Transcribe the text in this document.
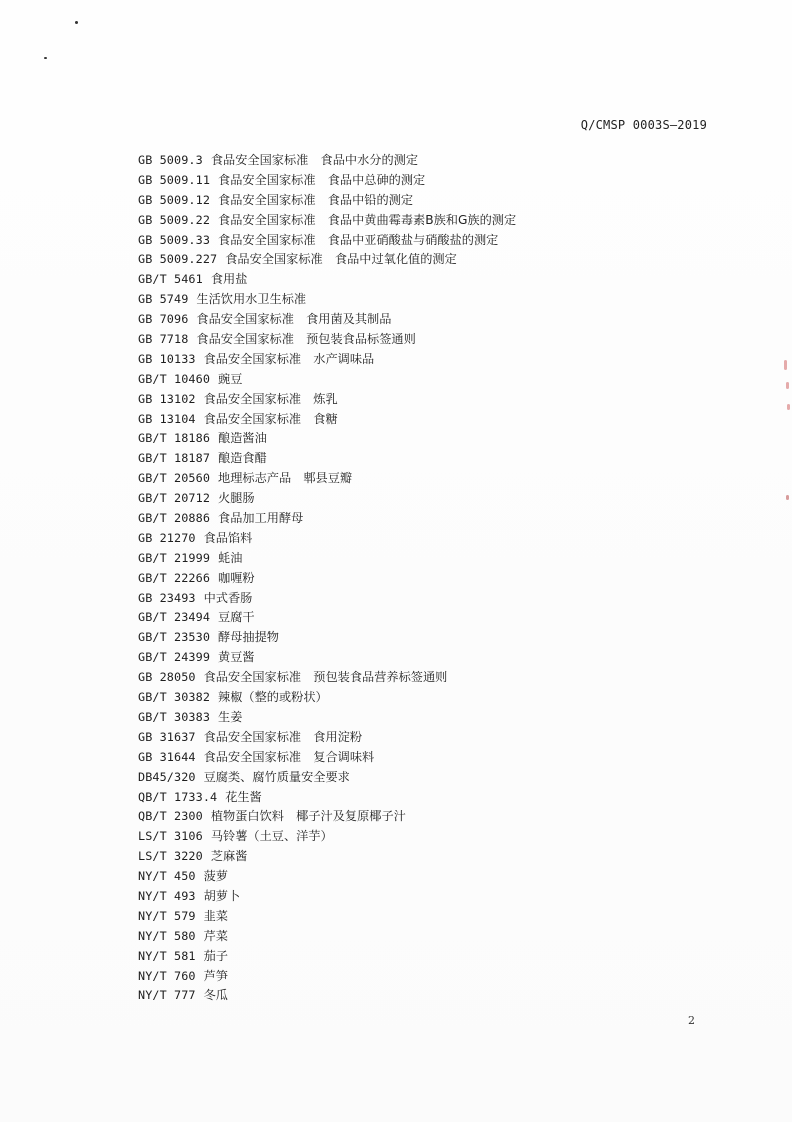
Q/CMSP 0003S—2019
GB 5009.3 食品安全国家标准　食品中水分的测定
GB 5009.11 食品安全国家标准　食品中总砷的测定
GB 5009.12 食品安全国家标准　食品中铅的测定
GB 5009.22 食品安全国家标准　食品中黄曲霉毒素B族和G族的测定
GB 5009.33 食品安全国家标准　食品中亚硝酸盐与硝酸盐的测定
GB 5009.227 食品安全国家标准　食品中过氧化值的测定
GB/T 5461 食用盐
GB 5749 生活饮用水卫生标准
GB 7096 食品安全国家标准　食用菌及其制品
GB 7718 食品安全国家标准　预包装食品标签通则
GB 10133 食品安全国家标准　水产调味品
GB/T 10460 豌豆
GB 13102 食品安全国家标准　炼乳
GB 13104 食品安全国家标准　食糖
GB/T 18186 酿造酱油
GB/T 18187 酿造食醋
GB/T 20560 地理标志产品　郫县豆瓣
GB/T 20712 火腿肠
GB/T 20886 食品加工用酵母
GB 21270 食品馅料
GB/T 21999 蚝油
GB/T 22266 咖喱粉
GB 23493 中式香肠
GB/T 23494 豆腐干
GB/T 23530 酵母抽提物
GB/T 24399 黄豆酱
GB 28050 食品安全国家标准　预包装食品营养标签通则
GB/T 30382 辣椒（整的或粉状）
GB/T 30383 生姜
GB 31637 食品安全国家标准　食用淀粉
GB 31644 食品安全国家标准　复合调味料
DB45/320 豆腐类、腐竹质量安全要求
QB/T 1733.4 花生酱
QB/T 2300 植物蛋白饮料　椰子汁及复原椰子汁
LS/T 3106 马铃薯（土豆、洋芋）
LS/T 3220 芝麻酱
NY/T 450 菠萝
NY/T 493 胡萝卜
NY/T 579 韭菜
NY/T 580 芹菜
NY/T 581 茄子
NY/T 760 芦笋
NY/T 777 冬瓜
2
